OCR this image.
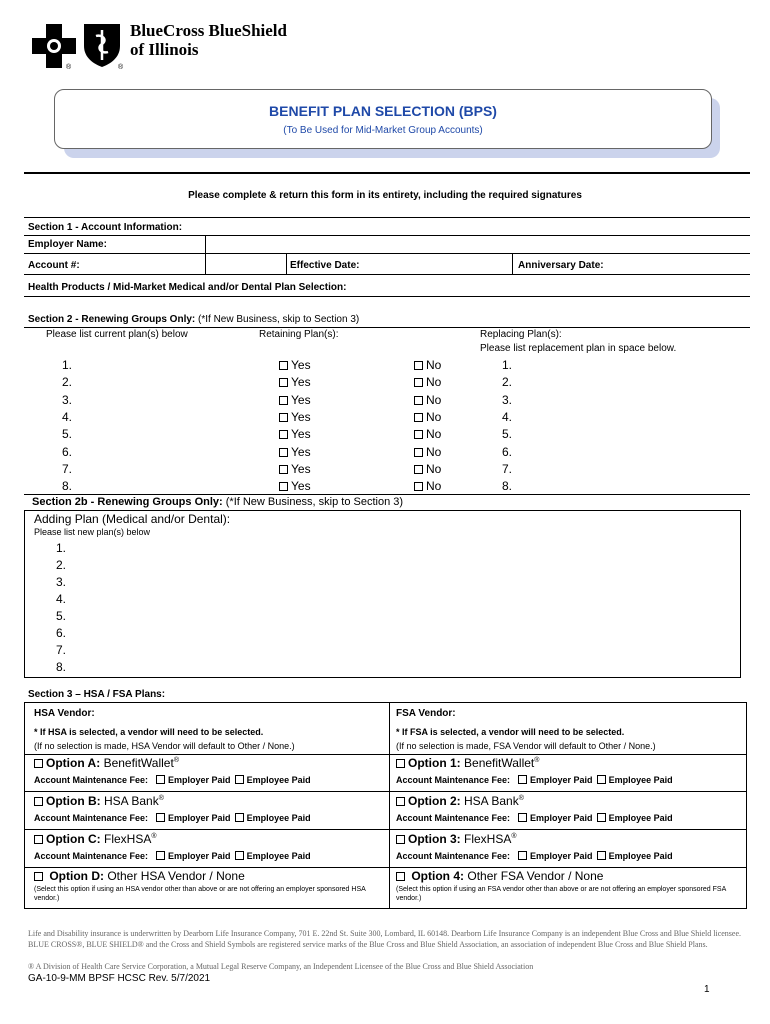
®	®
BlueCross BlueShield
of Illinois
BENEFIT PLAN SELECTION (BPS)
(To Be Used for Mid-Market Group Accounts)
Please complete & return this form in its entirety, including the required signatures
Section 1 - Account Information:
Employer Name:
Account #:	Effective Date:	Anniversary Date:
Health Products / Mid-Market Medical and/or Dental Plan Selection:
Section 2 - Renewing Groups Only: (*If New Business, skip to Section 3)
Please list current plan(s) below	Retaining Plan(s):	Replacing Plan(s):
Please list replacement plan in space below.
1.	Yes	No	1.
2.	Yes	No	2.
3.	Yes	No	3.
4.	Yes	No	4.
5.	Yes	No	5.
6.	Yes	No	6.
7.	Yes	No	7.
8.	Yes	No	8.
Section 2b - Renewing Groups Only: (*If New Business, skip to Section 3)
Adding Plan (Medical and/or Dental):
Please list new plan(s) below
1.
2.
3.
4.
5.
6.
7.
8.
Section 3 – HSA / FSA Plans:
HSA Vendor:
* If HSA is selected, a vendor will need to be selected.
(If no selection is made, HSA Vendor will default to Other / None.)
FSA Vendor:
* If FSA is selected, a vendor will need to be selected.
(If no selection is made, FSA Vendor will default to Other / None.)
Option A: BenefitWallet®
Account Maintenance Fee: Employer Paid Employee Paid
Option 1: BenefitWallet®
Account Maintenance Fee: Employer Paid Employee Paid
Option B: HSA Bank®
Account Maintenance Fee: Employer Paid Employee Paid
Option 2: HSA Bank®
Account Maintenance Fee: Employer Paid Employee Paid
Option C: FlexHSA®
Account Maintenance Fee: Employer Paid Employee Paid
Option 3: FlexHSA®
Account Maintenance Fee: Employer Paid Employee Paid
Option D: Other HSA Vendor / None
(Select this option if using an HSA vendor other than above or are not offering an employer sponsored HSA vendor.)
Option 4: Other FSA Vendor / None
(Select this option if using an FSA vendor other than above or are not offering an employer sponsored FSA vendor.)
Life and Disability insurance is underwritten by Dearborn Life Insurance Company, 701 E. 22nd St. Suite 300, Lombard, IL 60148. Dearborn Life Insurance Company is an independent Blue Cross and Blue Shield licensee. BLUE CROSS®, BLUE SHIELD® and the Cross and Shield Symbols are registered service marks of the Blue Cross and Blue Shield Association, an association of independent Blue Cross and Blue Shield Plans.
® A Division of Health Care Service Corporation, a Mutual Legal Reserve Company, an Independent Licensee of the Blue Cross and Blue Shield Association
GA-10-9-MM BPSF HCSC Rev. 5/7/2021
1
